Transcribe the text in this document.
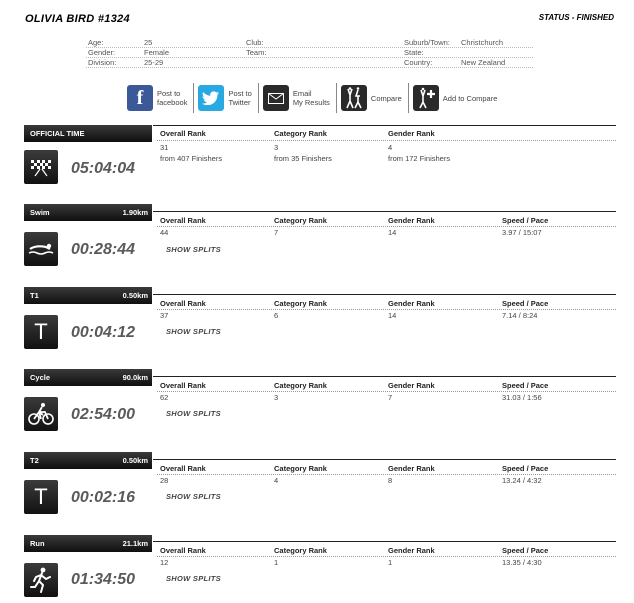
OLIVIA BIRD #1324	STATUS - FINISHED
Age:	25	Club:	Suburb/Town: Christchurch
Gender:	Female	Team:	State:
Division:	25-29	Country:	New Zealand
f	Post to
facebook
Post to
Twitter
Email
My Results	Compare	Add to Compare
OFFICIAL TIME
05:04:04
Overall Rank	Category Rank	Gender Rank
31	3	4
from 407 Finishers	from 35 Finishers	from 172 Finishers
Swim	1.90km
00:28:44
Overall Rank	Category Rank	Gender Rank	Speed / Pace
44	7	14	3.97 / 15:07
SHOW SPLITS
T1	0.50km
T	00:04:12
Overall Rank	Category Rank	Gender Rank	Speed / Pace
37	6	14	7.14 / 8:24
SHOW SPLITS
Cycle	90.0km
02:54:00
Overall Rank	Category Rank	Gender Rank	Speed / Pace
62	3	7	31.03 / 1:56
SHOW SPLITS
T2	0.50km
T	00:02:16
Overall Rank	Category Rank	Gender Rank	Speed / Pace
28	4	8	13.24 / 4:32
SHOW SPLITS
Run	21.1km
01:34:50
Overall Rank	Category Rank	Gender Rank	Speed / Pace
12	1	1	13.35 / 4:30
SHOW SPLITS
